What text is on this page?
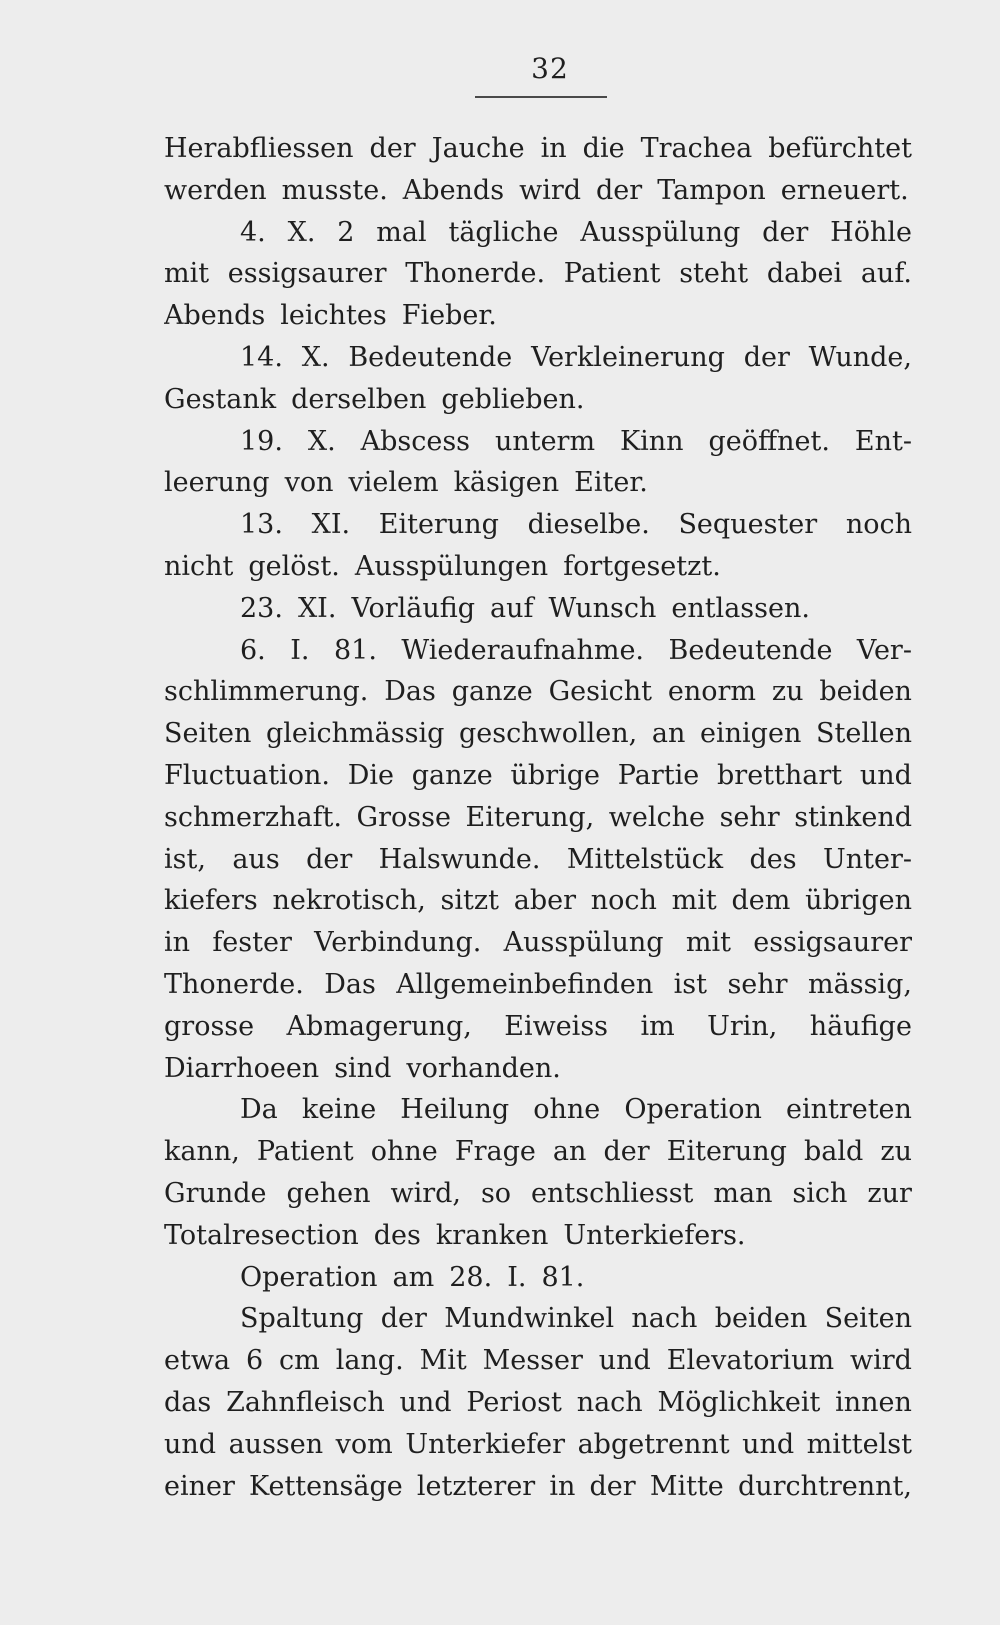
32
Herabfliessen der Jauche in die Trachea befürchtet
werden musste. Abends wird der Tampon erneuert.
4. X. 2 mal tägliche Ausspülung der Höhle
mit essigsaurer Thonerde. Patient steht dabei auf.
Abends leichtes Fieber.
14. X. Bedeutende Verkleinerung der Wunde,
Gestank derselben geblieben.
19. X. Abscess unterm Kinn geöffnet. Ent-
leerung von vielem käsigen Eiter.
13. XI. Eiterung dieselbe. Sequester noch
nicht gelöst. Ausspülungen fortgesetzt.
23. XI. Vorläufig auf Wunsch entlassen.
6. I. 81. Wiederaufnahme. Bedeutende Ver-
schlimmerung. Das ganze Gesicht enorm zu beiden
Seiten gleichmässig geschwollen, an einigen Stellen
Fluctuation. Die ganze übrige Partie bretthart und
schmerzhaft. Grosse Eiterung, welche sehr stinkend
ist, aus der Halswunde. Mittelstück des Unter-
kiefers nekrotisch, sitzt aber noch mit dem übrigen
in fester Verbindung. Ausspülung mit essigsaurer
Thonerde. Das Allgemeinbefinden ist sehr mässig,
grosse Abmagerung, Eiweiss im Urin, häufige
Diarrhoeen sind vorhanden.
Da keine Heilung ohne Operation eintreten
kann, Patient ohne Frage an der Eiterung bald zu
Grunde gehen wird, so entschliesst man sich zur
Totalresection des kranken Unterkiefers.
Operation am 28. I. 81.
Spaltung der Mundwinkel nach beiden Seiten
etwa 6 cm lang. Mit Messer und Elevatorium wird
das Zahnfleisch und Periost nach Möglichkeit innen
und aussen vom Unterkiefer abgetrennt und mittelst
einer Kettensäge letzterer in der Mitte durchtrennt,
